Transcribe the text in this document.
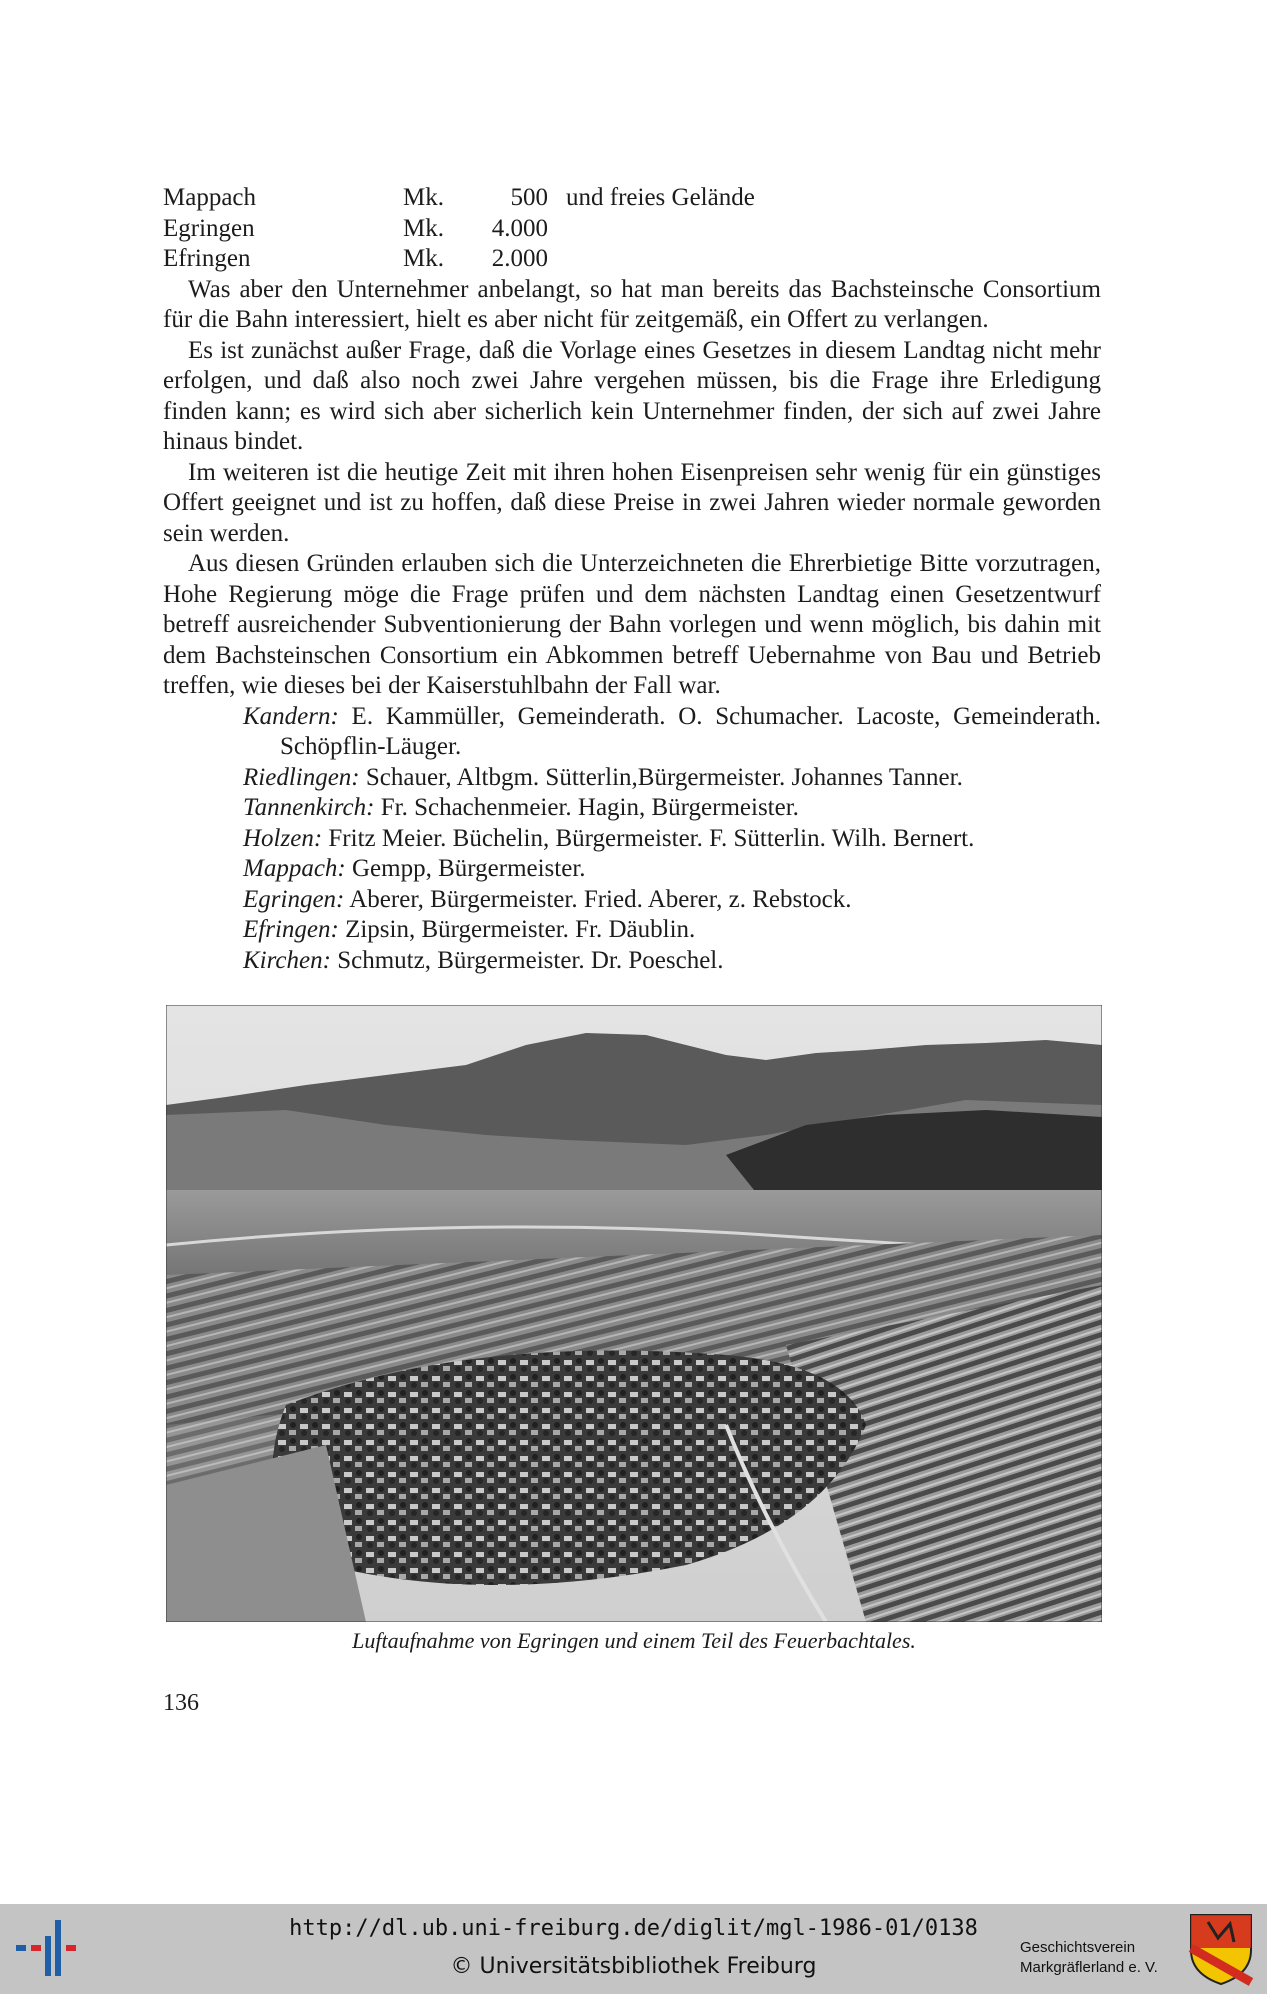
Mappach	Mk.	500 und freies Gelände
Egringen	Mk.	4.000
Efringen	Mk.	2.000

Was aber den Unternehmer anbelangt, so hat man bereits das Bachsteinsche Consortium für die Bahn interessiert, hielt es aber nicht für zeitgemäß, ein Offert zu verlangen.

Es ist zunächst außer Frage, daß die Vorlage eines Gesetzes in diesem Landtag nicht mehr erfolgen, und daß also noch zwei Jahre vergehen müssen, bis die Frage ihre Erledigung finden kann; es wird sich aber sicherlich kein Unternehmer finden, der sich auf zwei Jahre hinaus bindet.

Im weiteren ist die heutige Zeit mit ihren hohen Eisenpreisen sehr wenig für ein günstiges Offert geeignet und ist zu hoffen, daß diese Preise in zwei Jahren wieder normale geworden sein werden.

Aus diesen Gründen erlauben sich die Unterzeichneten die Ehrerbietige Bitte vorzutragen, Hohe Regierung möge die Frage prüfen und dem nächsten Landtag einen Gesetzentwurf betreff ausreichender Subventionierung der Bahn vorlegen und wenn möglich, bis dahin mit dem Bachsteinschen Consortium ein Abkommen betreff Uebernahme von Bau und Betrieb treffen, wie dieses bei der Kaiserstuhlbahn der Fall war.

Kandern: E. Kammüller, Gemeinderath. O. Schumacher. Lacoste, Gemeinderath. Schöpflin-Läuger.

Riedlingen: Schauer, Altbgm. Sütterlin,Bürgermeister. Johannes Tanner.

Tannenkirch: Fr. Schachenmeier. Hagin, Bürgermeister.

Holzen: Fritz Meier. Büchelin, Bürgermeister. F. Sütterlin. Wilh. Bernert.

Mappach: Gempp, Bürgermeister.

Egringen: Aberer, Bürgermeister. Fried. Aberer, z. Rebstock.

Efringen: Zipsin, Bürgermeister. Fr. Däublin.

Kirchen: Schmutz, Bürgermeister. Dr. Poeschel.

Luftaufnahme von Egringen und einem Teil des Feuerbachtales.
136
http://dl.ub.uni-freiburg.de/diglit/mgl-1986-01/0138
© Universitätsbibliothek Freiburg
Geschichtsverein
Markgräflerland e. V.
